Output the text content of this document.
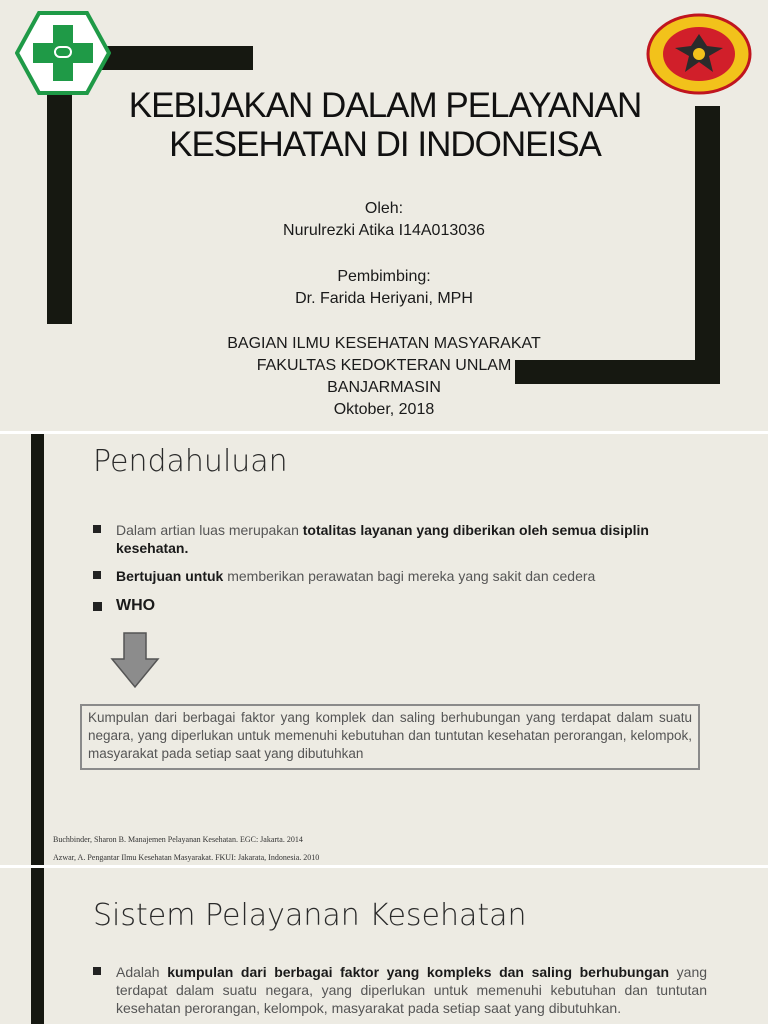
KEBIJAKAN DALAM PELAYANAN
KESEHATAN DI INDONEISA
Oleh:
Nurulrezki Atika I14A013036
Pembimbing:
Dr. Farida Heriyani, MPH
BAGIAN ILMU KESEHATAN MASYARAKAT
FAKULTAS KEDOKTERAN UNLAM
BANJARMASIN
Oktober, 2018
Pendahuluan
Dalam artian luas merupakan totalitas layanan yang diberikan oleh semua disiplin kesehatan.
Bertujuan untuk memberikan perawatan bagi mereka yang sakit dan cedera
WHO
Kumpulan dari berbagai faktor yang komplek dan saling berhubungan yang terdapat dalam suatu negara, yang diperlukan untuk memenuhi kebutuhan dan tuntutan kesehatan perorangan, kelompok, masyarakat pada setiap saat yang dibutuhkan
Buchbinder, Sharon B. Manajemen Pelayanan Kesehatan. EGC: Jakarta. 2014
Azwar, A. Pengantar Ilmu Kesehatan Masyarakat. FKUI: Jakarata, Indonesia. 2010
Sistem Pelayanan Kesehatan
Adalah kumpulan dari berbagai faktor yang kompleks dan saling berhubungan yang terdapat dalam suatu negara, yang diperlukan untuk memenuhi kebutuhan dan tuntutan kesehatan perorangan, kelompok, masyarakat pada setiap saat yang dibutuhkan.
